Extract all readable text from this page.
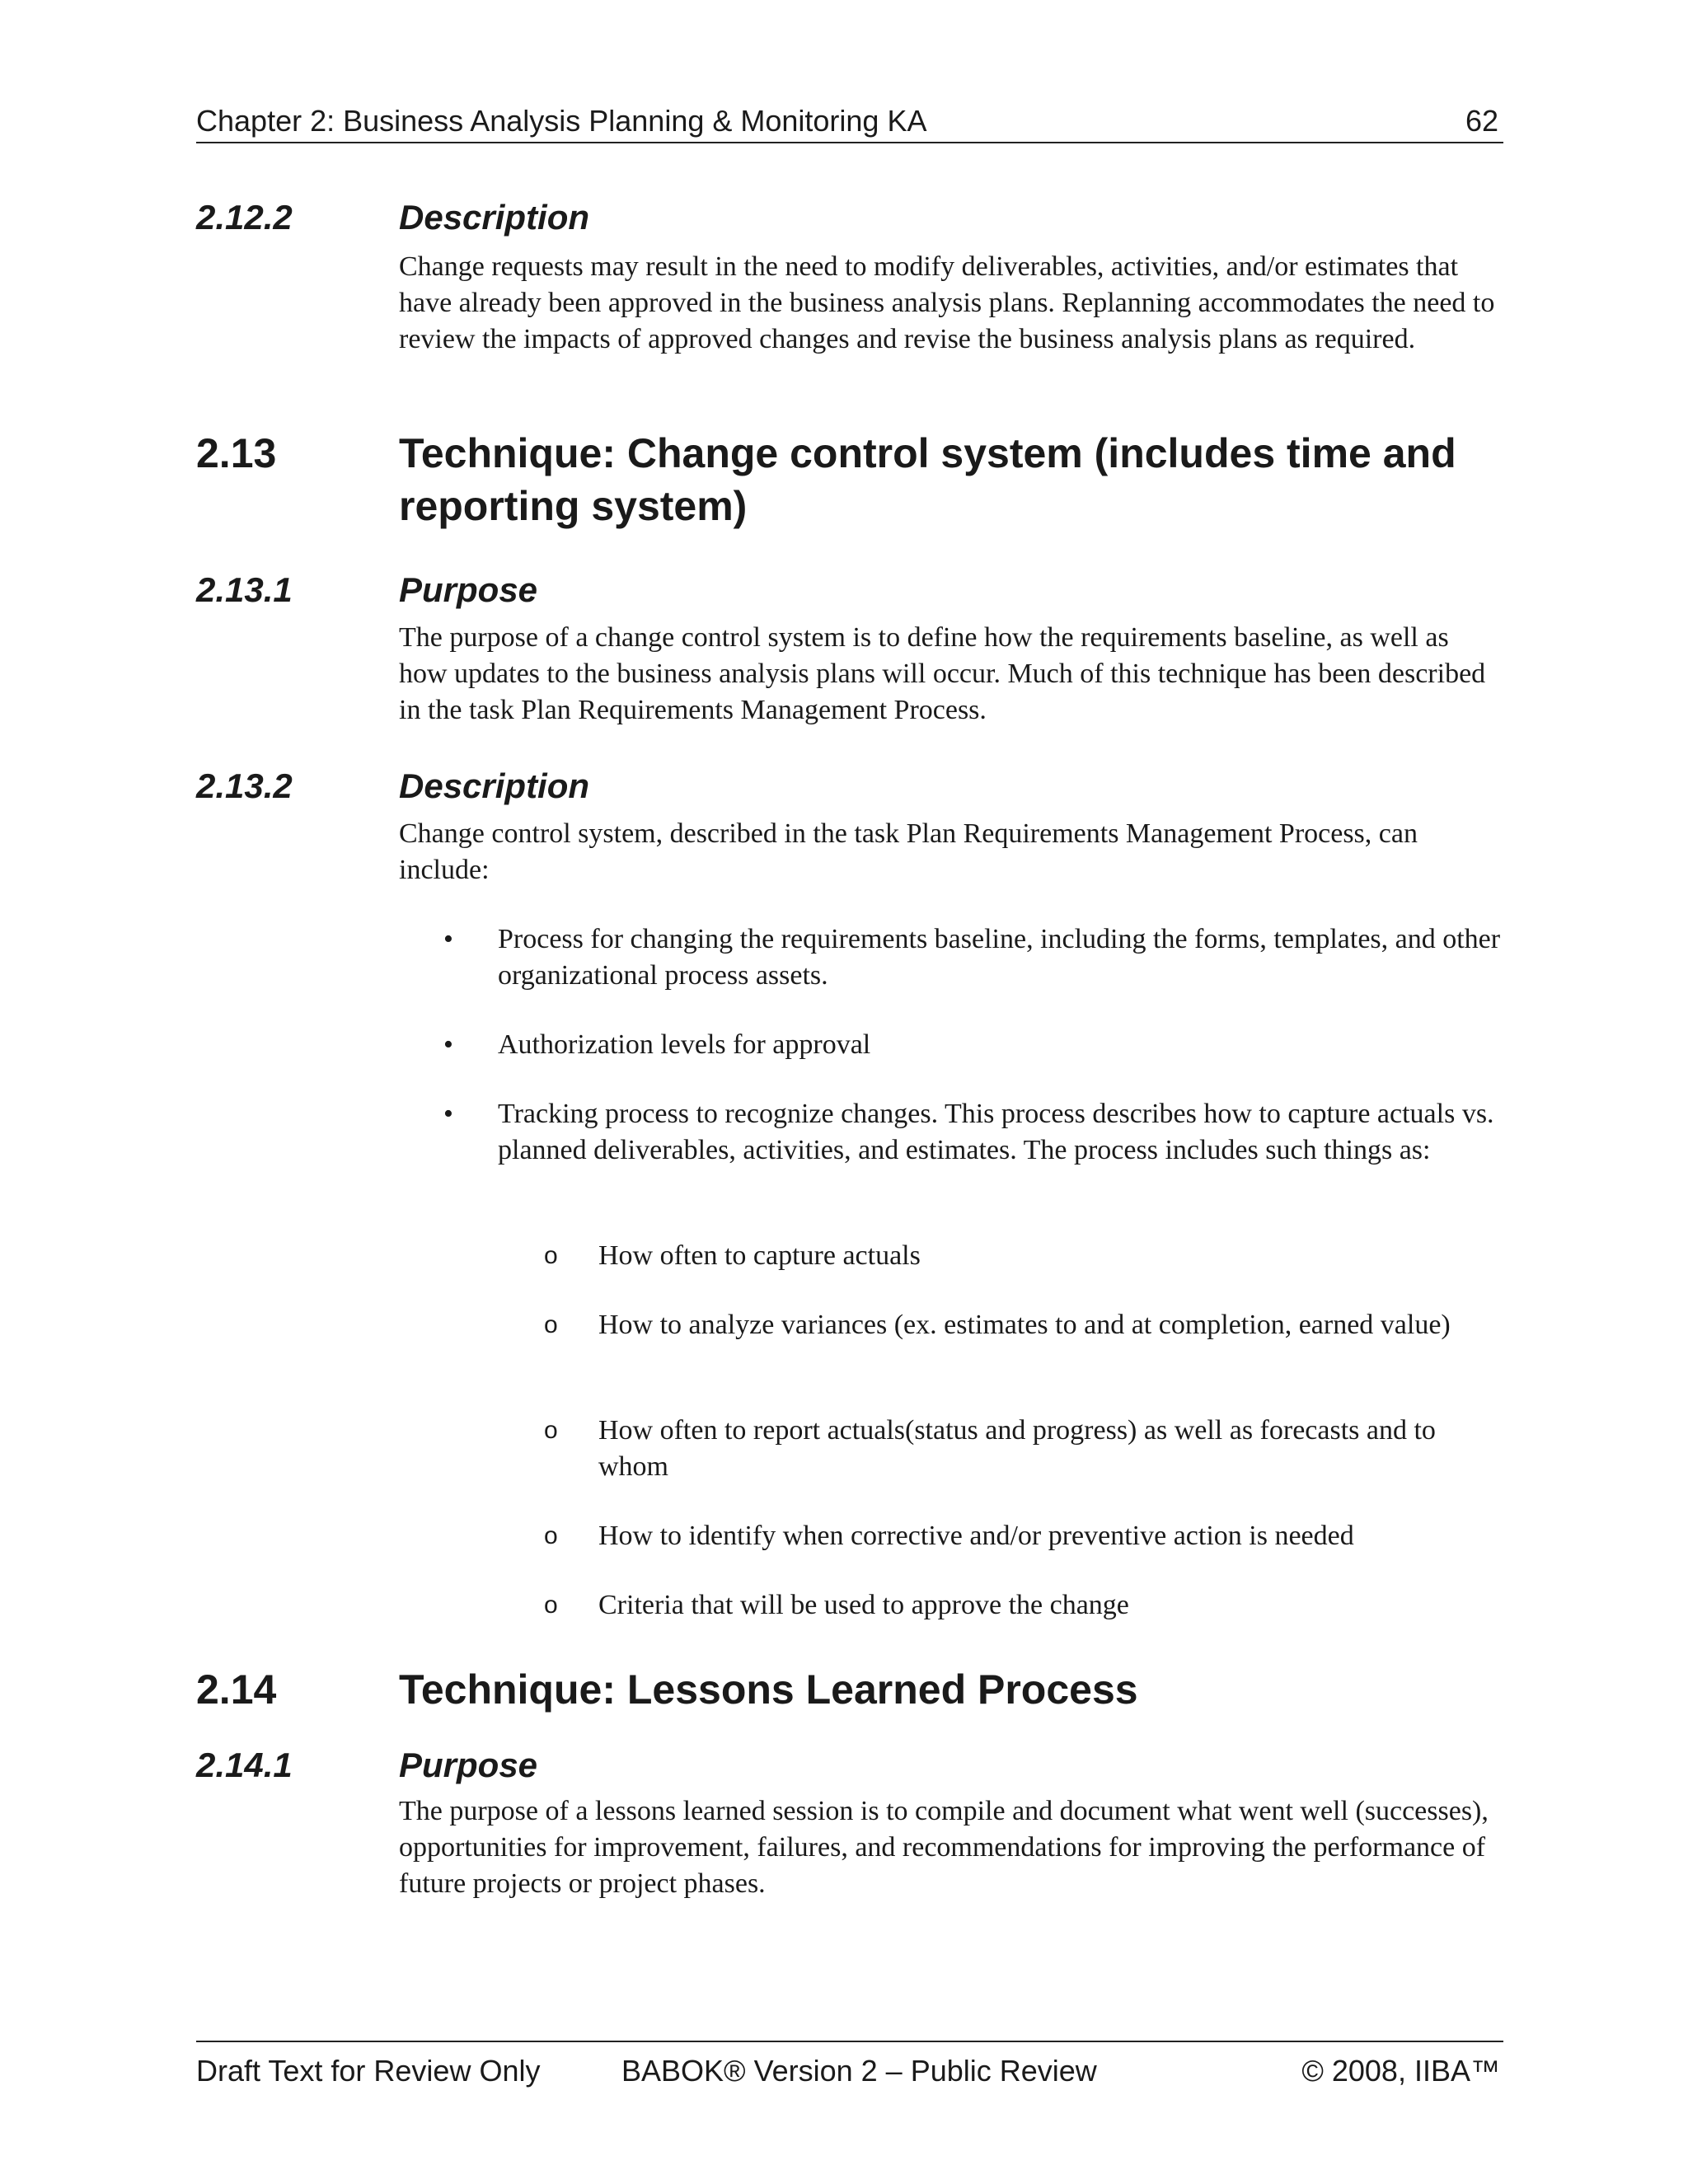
Chapter 2: Business Analysis Planning & Monitoring KA	62
2.12.2	Description
Change requests may result in the need to modify deliverables, activities, and/or estimates that have already been approved in the business analysis plans. Replanning accommodates the need to review the impacts of approved changes and revise the business analysis plans as required.
2.13	Technique: Change control system (includes time and reporting system)
2.13.1	Purpose
The purpose of a change control system is to define how the requirements baseline, as well as how updates to the business analysis plans will occur. Much of this technique has been described in the task Plan Requirements Management Process.
2.13.2	Description
Change control system, described in the task Plan Requirements Management Process, can include:
•	Process for changing the requirements baseline, including the forms, templates, and other organizational process assets.
•	Authorization levels for approval
•	Tracking process to recognize changes. This process describes how to capture actuals vs. planned deliverables, activities, and estimates. The process includes such things as:
o	How often to capture actuals
o	How to analyze variances (ex. estimates to and at completion, earned value)
o	How often to report actuals(status and progress) as well as forecasts and to whom
o	How to identify when corrective and/or preventive action is needed
o	Criteria that will be used to approve the change
2.14	Technique: Lessons Learned Process
2.14.1	Purpose
The purpose of a lessons learned session is to compile and document what went well (successes), opportunities for improvement, failures, and recommendations for improving the performance of future projects or project phases.
Draft Text for Review Only	BABOK® Version 2 – Public Review	© 2008, IIBA™
